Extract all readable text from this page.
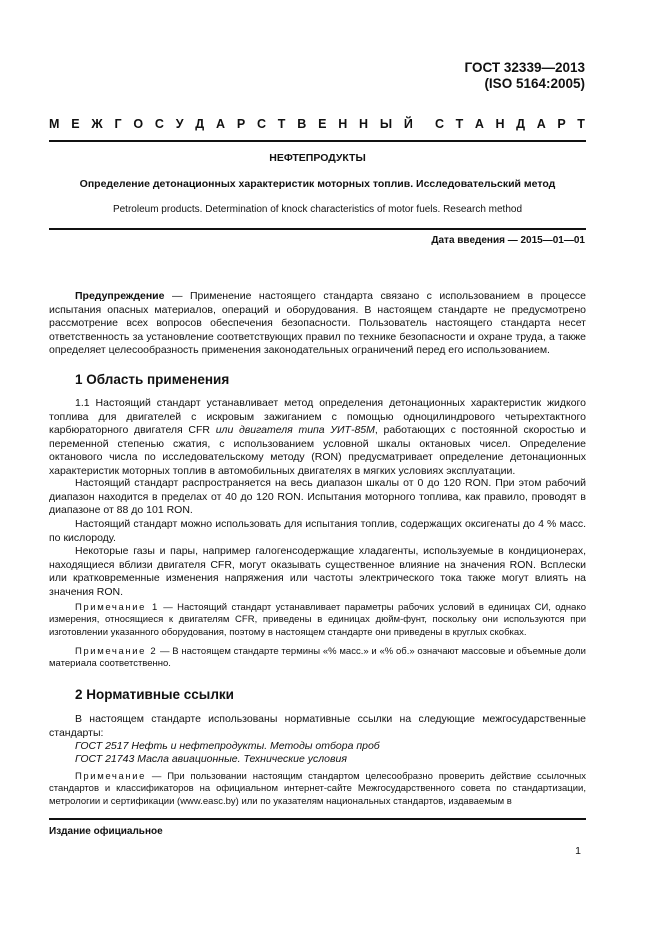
ГОСТ 32339—2013
(ISO 5164:2005)
М Е Ж Г О С У Д А Р С Т В Е Н Н Ы Й С Т А Н Д А Р Т
НЕФТЕПРОДУКТЫ
Определение детонационных характеристик моторных топлив. Исследовательский метод
Petroleum products. Determination of knock characteristics of motor fuels. Research method
Дата введения — 2015—01—01
Предупреждение — Применение настоящего стандарта связано с использованием в процессе испытания опасных материалов, операций и оборудования. В настоящем стандарте не предусмотрено рассмотрение всех вопросов обеспечения безопасности. Пользователь настоящего стандарта несет ответственность за установление соответствующих правил по технике безопасности и охране труда, а также определяет целесообразность применения законодательных ограничений перед его использованием.
1 Область применения
1.1 Настоящий стандарт устанавливает метод определения детонационных характеристик жидкого топлива для двигателей с искровым зажиганием с помощью одноцилиндрового четырехтактного карбюраторного двигателя CFR или двигателя типа УИТ-85М, работающих с постоянной скоростью и переменной степенью сжатия, с использованием условной шкалы октановых чисел. Определение октанового числа по исследовательскому методу (RON) предусматривает определение детонационных характеристик моторных топлив в автомобильных двигателях в мягких условиях эксплуатации.
Настоящий стандарт распространяется на весь диапазон шкалы от 0 до 120 RON. При этом рабочий диапазон находится в пределах от 40 до 120 RON. Испытания моторного топлива, как правило, проводят в диапазоне от 88 до 101 RON.
Настоящий стандарт можно использовать для испытания топлив, содержащих оксигенаты до 4 % масс. по кислороду.
Некоторые газы и пары, например галогенсодержащие хладагенты, используемые в кондиционерах, находящиеся вблизи двигателя CFR, могут оказывать существенное влияние на значения RON. Всплески или кратковременные изменения напряжения или частоты электрического тока также могут влиять на значения RON.
Примечание 1 — Настоящий стандарт устанавливает параметры рабочих условий в единицах СИ, однако измерения, относящиеся к двигателям CFR, приведены в единицах дюйм-фунт, поскольку они используются при изготовлении указанного оборудования, поэтому в настоящем стандарте они приведены в круглых скобках.
Примечание 2 — В настоящем стандарте термины «% масс.» и «% об.» означают массовые и объемные доли материала соответственно.
2 Нормативные ссылки
В настоящем стандарте использованы нормативные ссылки на следующие межгосударственные стандарты:
ГОСТ 2517 Нефть и нефтепродукты. Методы отбора проб
ГОСТ 21743 Масла авиационные. Технические условия
Примечание — При пользовании настоящим стандартом целесообразно проверить действие ссылочных стандартов и классификаторов на официальном интернет-сайте Межгосударственного совета по стандартизации, метрологии и сертификации (www.easc.by) или по указателям национальных стандартов, издаваемым в
Издание официальное
1
